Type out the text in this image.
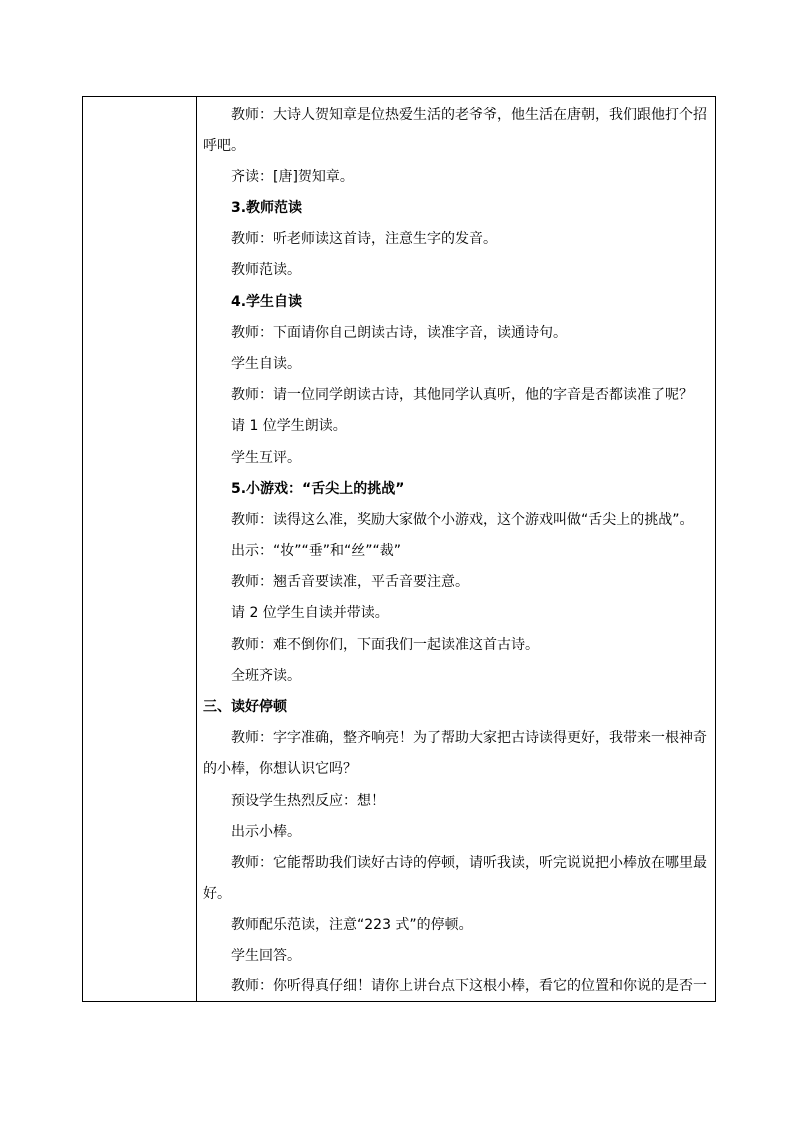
教师：大诗人贺知章是位热爱生活的老爷爷，他生活在唐朝，我们跟他打个招
呼吧。
齐读：[唐]贺知章。
3.教师范读
教师：听老师读这首诗，注意生字的发音。
教师范读。
4.学生自读
教师：下面请你自己朗读古诗，读准字音，读通诗句。
学生自读。
教师：请一位同学朗读古诗，其他同学认真听，他的字音是否都读准了呢？
请 1 位学生朗读。
学生互评。
5.小游戏：“舌尖上的挑战”
教师：读得这么准，奖励大家做个小游戏，这个游戏叫做“舌尖上的挑战”。
出示：“妆”“垂”和“丝”“裁”
教师：翘舌音要读准，平舌音要注意。
请 2 位学生自读并带读。
教师：难不倒你们，下面我们一起读准这首古诗。
全班齐读。
三、读好停顿
教师：字字准确，整齐响亮！为了帮助大家把古诗读得更好，我带来一根神奇
的小棒，你想认识它吗？
预设学生热烈反应：想！
出示小棒。
教师：它能帮助我们读好古诗的停顿，请听我读，听完说说把小棒放在哪里最
好。
教师配乐范读，注意“223 式”的停顿。
学生回答。
教师：你听得真仔细！请你上讲台点下这根小棒，看它的位置和你说的是否一
